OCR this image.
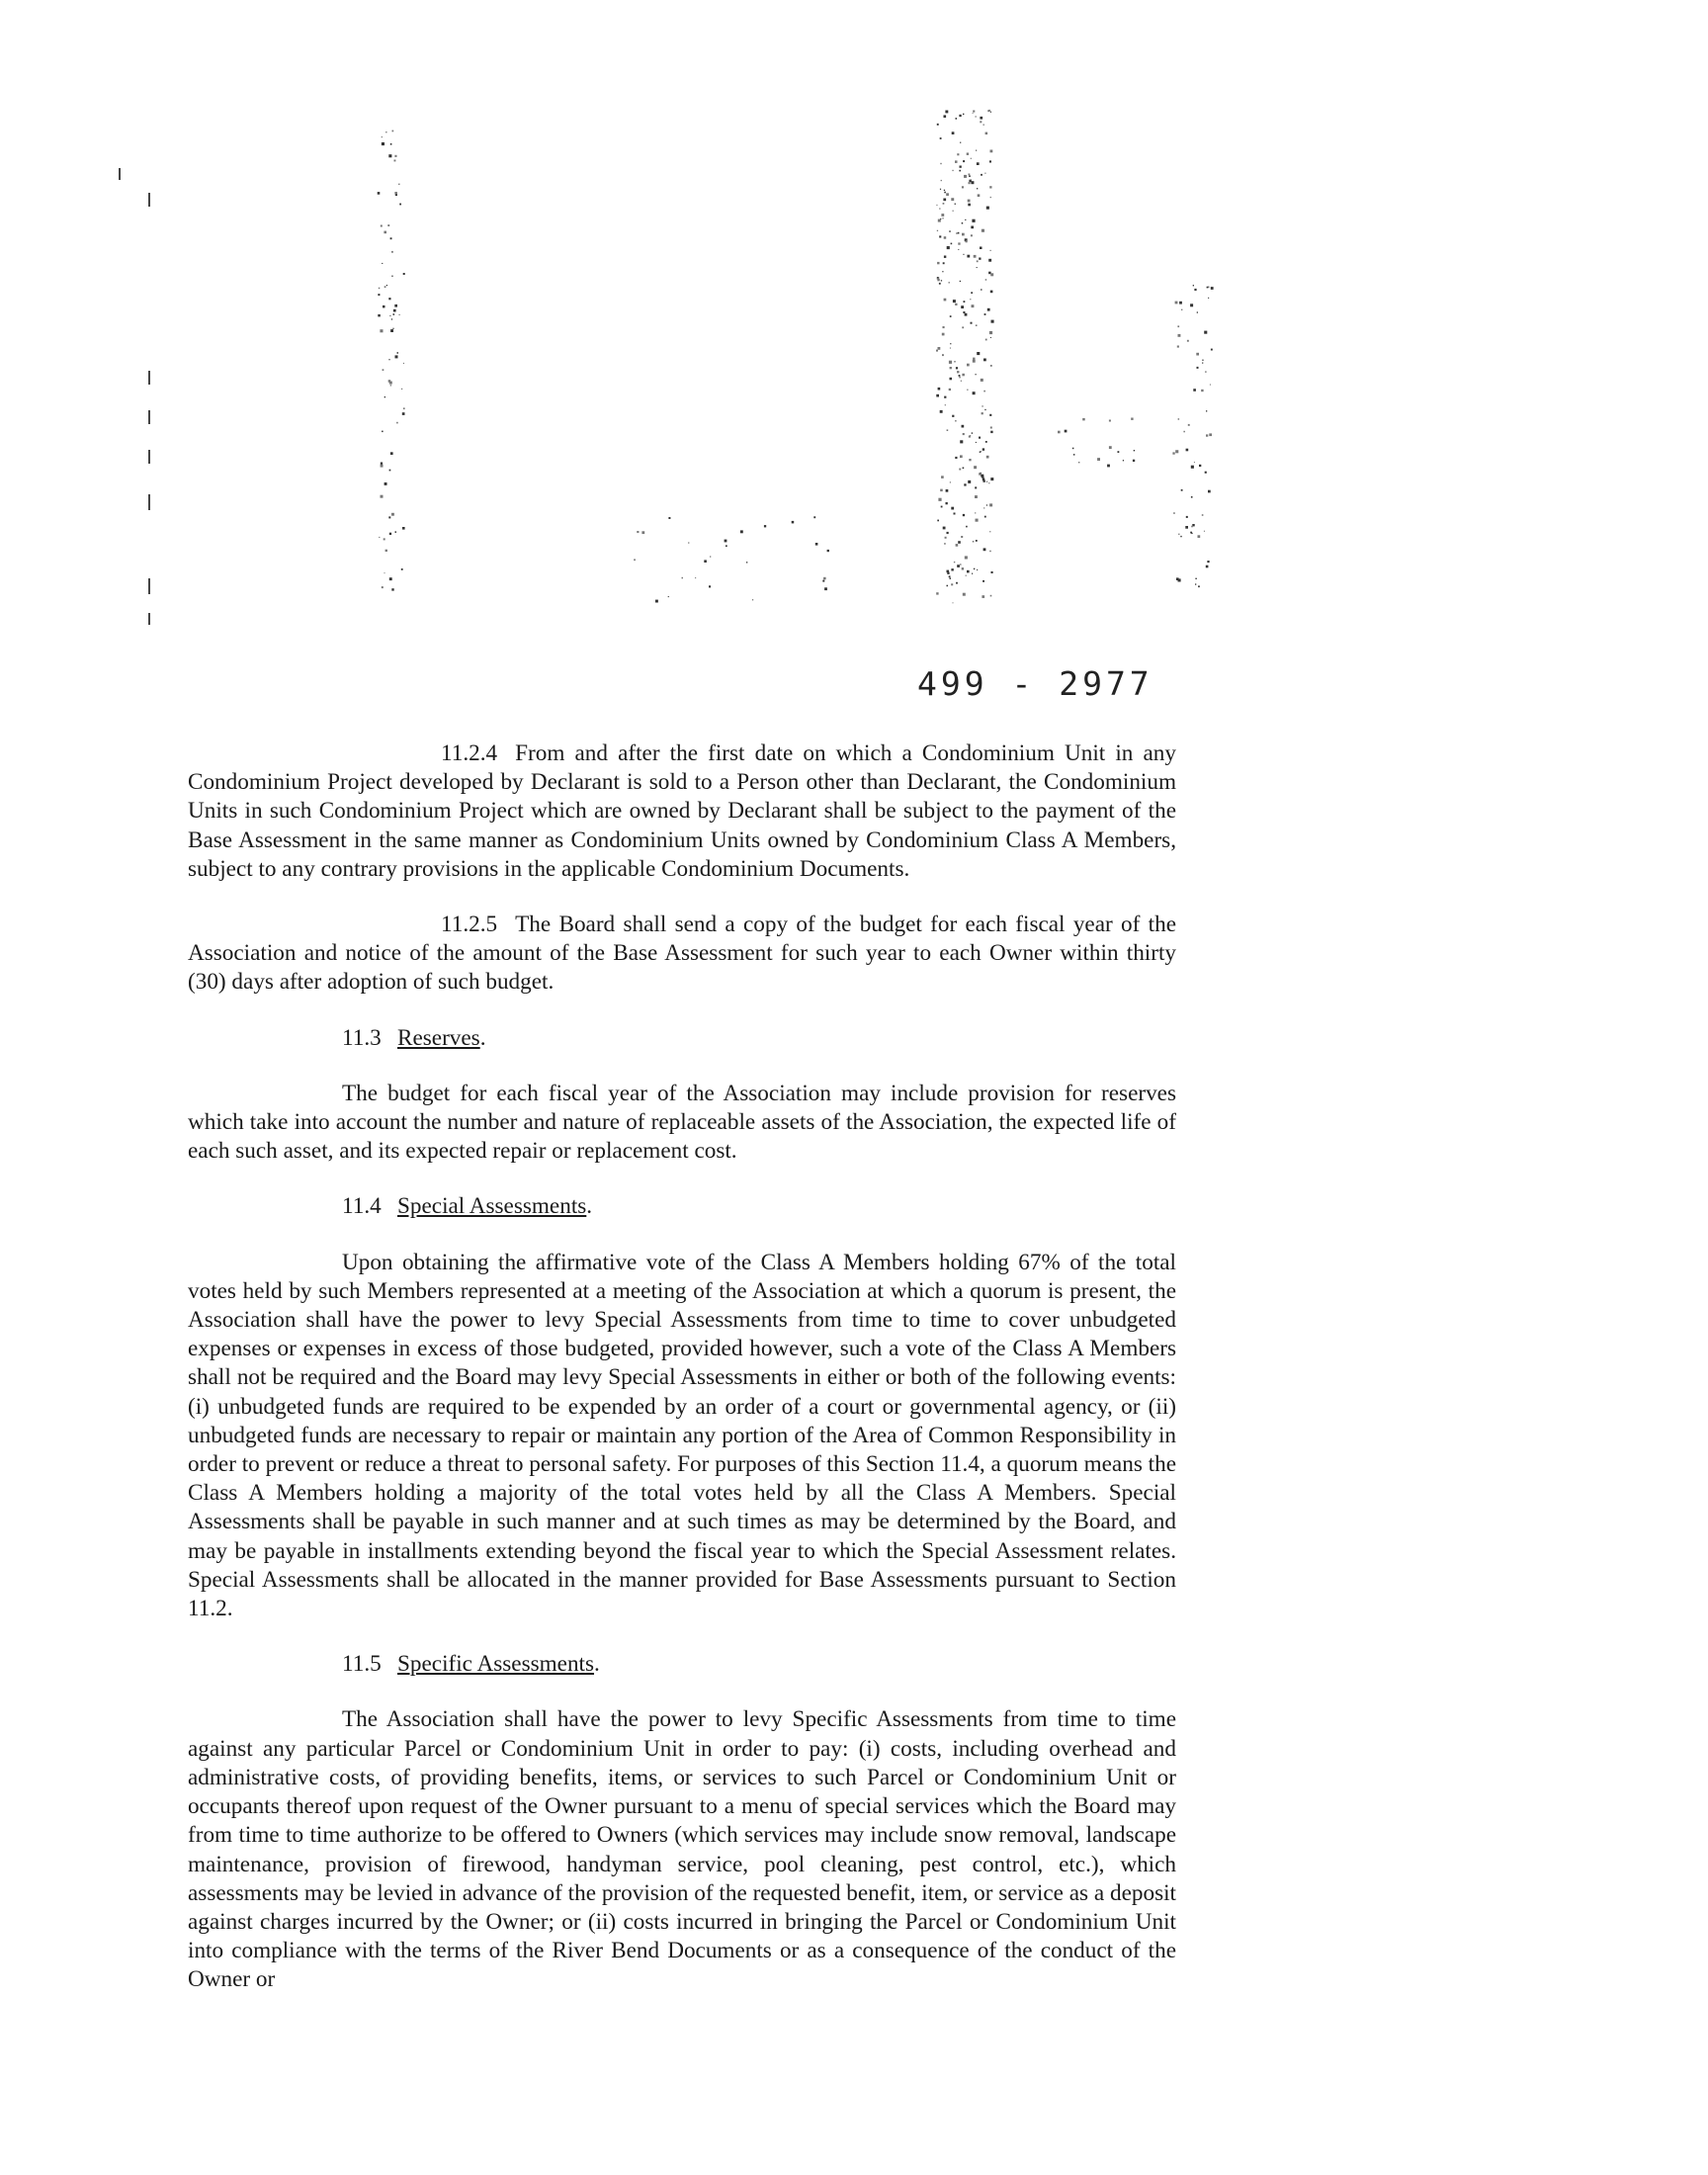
499 - 2977

11.2.4 From and after the first date on which a Condominium Unit in any Condominium Project developed by Declarant is sold to a Person other than Declarant, the Condominium Units in such Condominium Project which are owned by Declarant shall be subject to the payment of the Base Assessment in the same manner as Condominium Units owned by Condominium Class A Members, subject to any contrary provisions in the applicable Condominium Documents.

11.2.5 The Board shall send a copy of the budget for each fiscal year of the Association and notice of the amount of the Base Assessment for such year to each Owner within thirty (30) days after adoption of such budget.

11.3 Reserves.

The budget for each fiscal year of the Association may include provision for reserves which take into account the number and nature of replaceable assets of the Association, the expected life of each such asset, and its expected repair or replacement cost.

11.4 Special Assessments.

Upon obtaining the affirmative vote of the Class A Members holding 67% of the total votes held by such Members represented at a meeting of the Association at which a quorum is present, the Association shall have the power to levy Special Assessments from time to time to cover unbudgeted expenses or expenses in excess of those budgeted, provided however, such a vote of the Class A Members shall not be required and the Board may levy Special Assessments in either or both of the following events: (i) unbudgeted funds are required to be expended by an order of a court or governmental agency, or (ii) unbudgeted funds are necessary to repair or maintain any portion of the Area of Common Responsibility in order to prevent or reduce a threat to personal safety. For purposes of this Section 11.4, a quorum means the Class A Members holding a majority of the total votes held by all the Class A Members. Special Assessments shall be payable in such manner and at such times as may be determined by the Board, and may be payable in installments extending beyond the fiscal year to which the Special Assessment relates. Special Assessments shall be allocated in the manner provided for Base Assessments pursuant to Section 11.2.

11.5 Specific Assessments.

The Association shall have the power to levy Specific Assessments from time to time against any particular Parcel or Condominium Unit in order to pay: (i) costs, including overhead and administrative costs, of providing benefits, items, or services to such Parcel or Condominium Unit or occupants thereof upon request of the Owner pursuant to a menu of special services which the Board may from time to time authorize to be offered to Owners (which services may include snow removal, landscape maintenance, provision of firewood, handyman service, pool cleaning, pest control, etc.), which assessments may be levied in advance of the provision of the requested benefit, item, or service as a deposit against charges incurred by the Owner; or (ii) costs incurred in bringing the Parcel or Condominium Unit into compliance with the terms of the River Bend Documents or as a consequence of the conduct of the Owner or
